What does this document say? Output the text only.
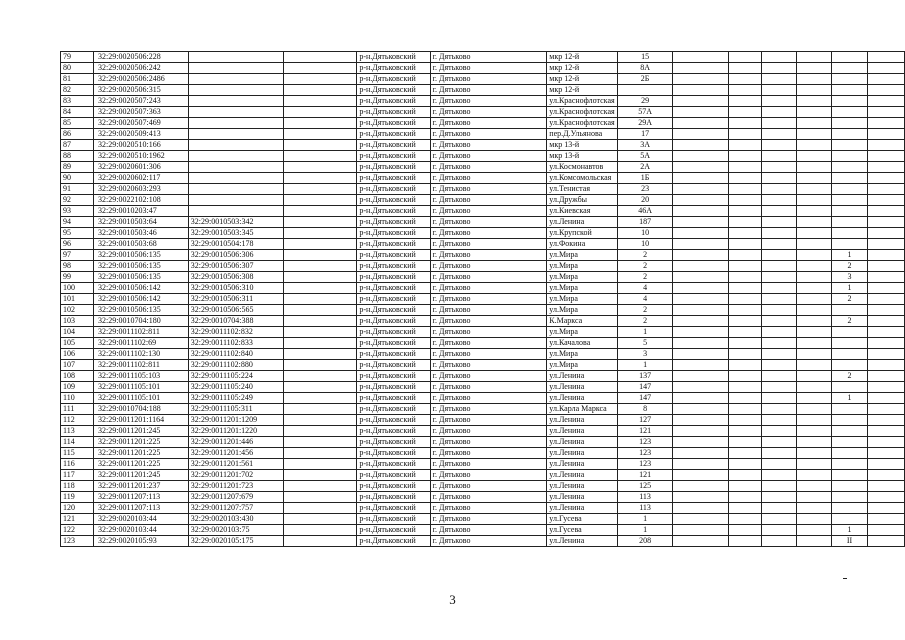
79	32:29:0020506:228			р-н.Дятьковский	г. Дятьково	мкр 12-й	15						
80	32:29:0020506:242			р-н.Дятьковский	г. Дятьково	мкр 12-й	8А						
81	32:29:0020506:2486			р-н.Дятьковский	г. Дятьково	мкр 12-й	2Б						
82	32:29:0020506:315			р-н.Дятьковский	г. Дятьково	мкр 12-й							
83	32:29:0020507:243			р-н.Дятьковский	г. Дятьково	ул.Краснофлотская	29						
84	32:29:0020507:363			р-н.Дятьковский	г. Дятьково	ул.Краснофлотская	57А						
85	32:29:0020507:469			р-н.Дятьковский	г. Дятьково	ул.Краснофлотская	29А						
86	32:29:0020509:413			р-н.Дятьковский	г. Дятьково	пер.Д.Ульянова	17						
87	32:29:0020510:166			р-н.Дятьковский	г. Дятьково	мкр 13-й	3А						
88	32:29:0020510:1962			р-н.Дятьковский	г. Дятьково	мкр 13-й	5А						
89	32:29:0020601:306			р-н.Дятьковский	г. Дятьково	ул.Космонавтов	2А						
90	32:29:0020602:117			р-н.Дятьковский	г. Дятьково	ул.Комсомольская	1Б						
91	32:29:0020603:293			р-н.Дятьковский	г. Дятьково	ул.Тенистая	23						
92	32:29:0022102:108			р-н.Дятьковский	г. Дятьково	ул.Дружбы	20						
93	32:29:0010203:47			р-н.Дятьковский	г. Дятьково	ул.Киевская	46А						
94	32:29:0010503:64	32:29:0010503:342		р-н.Дятьковский	г. Дятьково	ул.Ленина	187						
95	32:29:0010503:46	32:29:0010503:345		р-н.Дятьковский	г. Дятьково	ул.Крупской	10						
96	32:29:0010503:68	32:29:0010504:178		р-н.Дятьковский	г. Дятьково	ул.Фокина	10						
97	32:29:0010506:135	32:29:0010506:306		р-н.Дятьковский	г. Дятьково	ул.Мира	2					1	
98	32:29:0010506:135	32:29:0010506:307		р-н.Дятьковский	г. Дятьково	ул.Мира	2					2	
99	32:29:0010506:135	32:29:0010506:308		р-н.Дятьковский	г. Дятьково	ул.Мира	2					3	
100	32:29:0010506:142	32:29:0010506:310		р-н.Дятьковский	г. Дятьково	ул.Мира	4					1	
101	32:29:0010506:142	32:29:0010506:311		р-н.Дятьковский	г. Дятьково	ул.Мира	4					2	
102	32:29:0010506:135	32:29:0010506:565		р-н.Дятьковский	г. Дятьково	ул.Мира	2						
103	32:29:0010704:180	32:29:0010704:388		р-н.Дятьковский	г. Дятьково	К.Маркса	2					2	
104	32:29:0011102:811	32:29:0011102:832		р-н.Дятьковский	г. Дятьково	ул.Мира	1						
105	32:29:0011102:69	32:29:0011102:833		р-н.Дятьковский	г. Дятьково	ул.Качалова	5						
106	32:29:0011102:130	32:29:0011102:840		р-н.Дятьковский	г. Дятьково	ул.Мира	3						
107	32:29:0011102:811	32:29:0011102:880		р-н.Дятьковский	г. Дятьково	ул.Мира	1						
108	32:29:0011105:103	32:29:0011105:224		р-н.Дятьковский	г. Дятьково	ул.Ленина	137					2	
109	32:29:0011105:101	32:29:0011105:240		р-н.Дятьковский	г. Дятьково	ул.Ленина	147						
110	32:29:0011105:101	32:29:0011105:249		р-н.Дятьковский	г. Дятьково	ул.Ленина	147					1	
111	32:29:0010704:188	32:29:0011105:311		р-н.Дятьковский	г. Дятьково	ул.Карла Маркса	8						
112	32:29:0011201:1164	32:29:0011201:1209		р-н.Дятьковский	г. Дятьково	ул.Ленина	127						
113	32:29:0011201:245	32:29:0011201:1220		р-н.Дятьковский	г. Дятьково	ул.Ленина	121						
114	32:29:0011201:225	32:29:0011201:446		р-н.Дятьковский	г. Дятьково	ул.Ленина	123						
115	32:29:0011201:225	32:29:0011201:456		р-н.Дятьковский	г. Дятьково	ул.Ленина	123						
116	32:29:0011201:225	32:29:0011201:561		р-н.Дятьковский	г. Дятьково	ул.Ленина	123						
117	32:29:0011201:245	32:29:0011201:702		р-н.Дятьковский	г. Дятьково	ул.Ленина	121						
118	32:29:0011201:237	32:29:0011201:723		р-н.Дятьковский	г. Дятьково	ул.Ленина	125						
119	32:29:0011207:113	32:29:0011207:679		р-н.Дятьковский	г. Дятьково	ул.Ленина	113						
120	32:29:0011207:113	32:29:0011207:757		р-н.Дятьковский	г. Дятьково	ул.Ленина	113						
121	32:29:0020103:44	32:29:0020103:430		р-н.Дятьковский	г. Дятьково	ул.Гусева	1						
122	32:29:0020103:44	32:29:0020103:75		р-н.Дятьковский	г. Дятьково	ул.Гусева	1					1	
123	32:29:0020105:93	32:29:0020105:175		р-н.Дятьковский	г. Дятьково	ул.Ленина	208					II	
3
